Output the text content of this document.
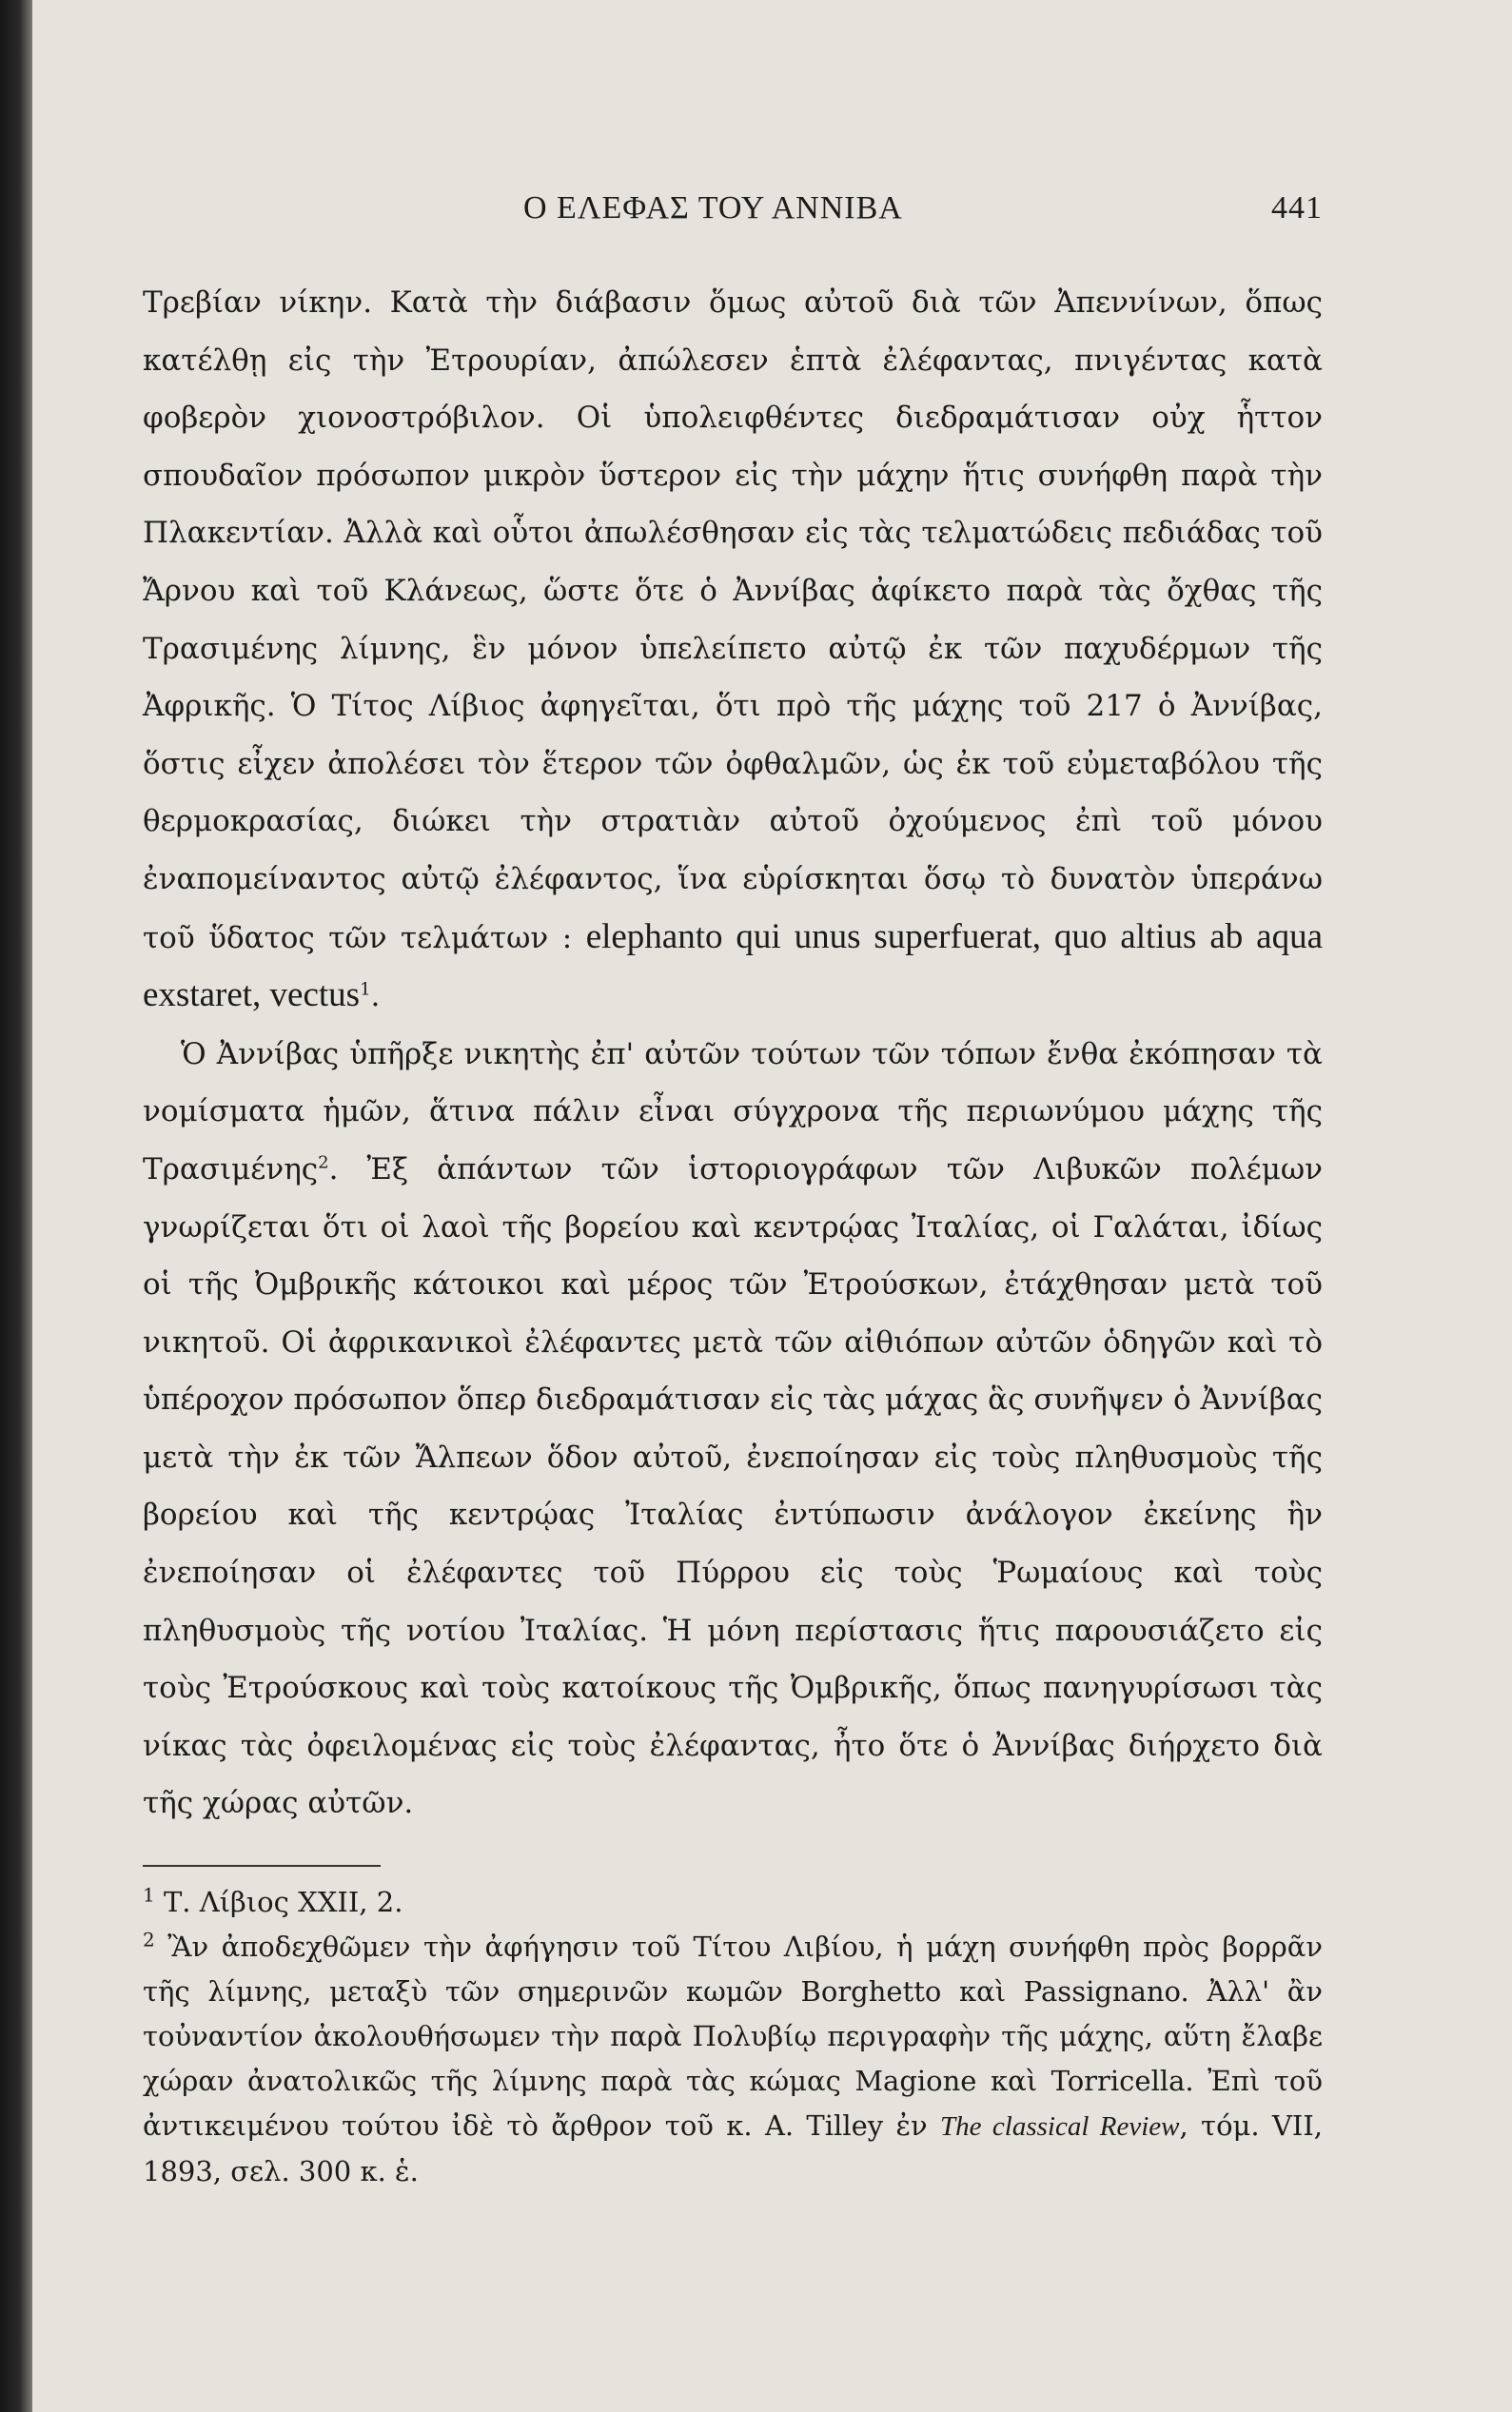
Ο ΕΛΕΦΑΣ ΤΟΥ ΑΝΝΙΒΑ	441

Τρεβίαν νίκην. Κατὰ τὴν διάβασιν ὅμως αὐτοῦ διὰ τῶν Ἀπεννίνων, ὅπως κατέλθῃ εἰς τὴν Ἐτρουρίαν, ἀπώλεσεν ἑπτὰ ἐλέφαντας, πνιγέντας κατὰ φοβερὸν χιονοστρόβιλον. Οἱ ὑπολειφθέντες διεδραμάτισαν οὐχ ἧττον σπουδαῖον πρόσωπον μικρὸν ὕστερον εἰς τὴν μάχην ἥτις συνήφθη παρὰ τὴν Πλακεντίαν. Ἀλλὰ καὶ οὗτοι ἀπωλέσθησαν εἰς τὰς τελματώδεις πεδιάδας τοῦ Ἄρνου καὶ τοῦ Κλάνεως, ὥστε ὅτε ὁ Ἀννίβας ἀφίκετο παρὰ τὰς ὄχθας τῆς Τρασιμένης λίμνης, ἓν μόνον ὑπελείπετο αὐτῷ ἐκ τῶν παχυδέρμων τῆς Ἀφρικῆς. Ὁ Τίτος Λίβιος ἀφηγεῖται, ὅτι πρὸ τῆς μάχης τοῦ 217 ὁ Ἀννίβας, ὅστις εἶχεν ἀπολέσει τὸν ἕτερον τῶν ὀφθαλμῶν, ὡς ἐκ τοῦ εὐμεταβόλου τῆς θερμοκρασίας, διώκει τὴν στρατιὰν αὐτοῦ ὀχούμενος ἐπὶ τοῦ μόνου ἐναπομείναντος αὐτῷ ἐλέφαντος, ἵνα εὑρίσκηται ὅσῳ τὸ δυνατὸν ὑπεράνω τοῦ ὕδατος τῶν τελμάτων : elephanto qui unus superfuerat, quo altius ab aqua exstaret, vectus$^1$.

Ὁ Ἀννίβας ὑπῆρξε νικητὴς ἐπ' αὐτῶν τούτων τῶν τόπων ἔνθα ἐκόπησαν τὰ νομίσματα ἡμῶν, ἅτινα πάλιν εἶναι σύγχρονα τῆς περιωνύμου μάχης τῆς Τρασιμένης$^2$. Ἐξ ἁπάντων τῶν ἱστοριογράφων τῶν Λιβυκῶν πολέμων γνωρίζεται ὅτι οἱ λαοὶ τῆς βορείου καὶ κεντρῴας Ἰταλίας, οἱ Γαλάται, ἰδίως οἱ τῆς Ὀμβρικῆς κάτοικοι καὶ μέρος τῶν Ἐτρούσκων, ἐτάχθησαν μετὰ τοῦ νικητοῦ. Οἱ ἀφρικανικοὶ ἐλέφαντες μετὰ τῶν αἰθιόπων αὐτῶν ὁδηγῶν καὶ τὸ ὑπέροχον πρόσωπον ὅπερ διεδραμάτισαν εἰς τὰς μάχας ἃς συνῆψεν ὁ Ἀννίβας μετὰ τὴν ἐκ τῶν Ἄλπεων ὅδον αὐτοῦ, ἐνεποίησαν εἰς τοὺς πληθυσμοὺς τῆς βορείου καὶ τῆς κεντρῴας Ἰταλίας ἐντύπωσιν ἀνάλογον ἐκείνης ἣν ἐνεποίησαν οἱ ἐλέφαντες τοῦ Πύρρου εἰς τοὺς Ῥωμαίους καὶ τοὺς πληθυσμοὺς τῆς νοτίου Ἰταλίας. Ἡ μόνη περίστασις ἥτις παρουσιάζετο εἰς τοὺς Ἐτρούσκους καὶ τοὺς κατοίκους τῆς Ὀμβρικῆς, ὅπως πανηγυρίσωσι τὰς νίκας τὰς ὀφειλομένας εἰς τοὺς ἐλέφαντας, ἦτο ὅτε ὁ Ἀννίβας διήρχετο διὰ τῆς χώρας αὐτῶν.

$^1$ Τ. Λίβιος XXII, 2.

$^2$ Ἂν ἀποδεχθῶμεν τὴν ἀφήγησιν τοῦ Τίτου Λιβίου, ἡ μάχη συνήφθη πρὸς βορρᾶν τῆς λίμνης, μεταξὺ τῶν σημερινῶν κωμῶν Borghetto καὶ Passignano. Ἀλλ' ἂν τοὐναντίον ἀκολουθήσωμεν τὴν παρὰ Πολυβίῳ περιγραφὴν τῆς μάχης, αὕτη ἔλαβε χώραν ἀνατολικῶς τῆς λίμνης παρὰ τὰς κώμας Magione καὶ Torricella. Ἐπὶ τοῦ ἀντικειμένου τούτου ἰδὲ τὸ ἄρθρον τοῦ κ. A. Tilley ἐν The classical Review, τόμ. VII, 1893, σελ. 300 κ. ἑ.
